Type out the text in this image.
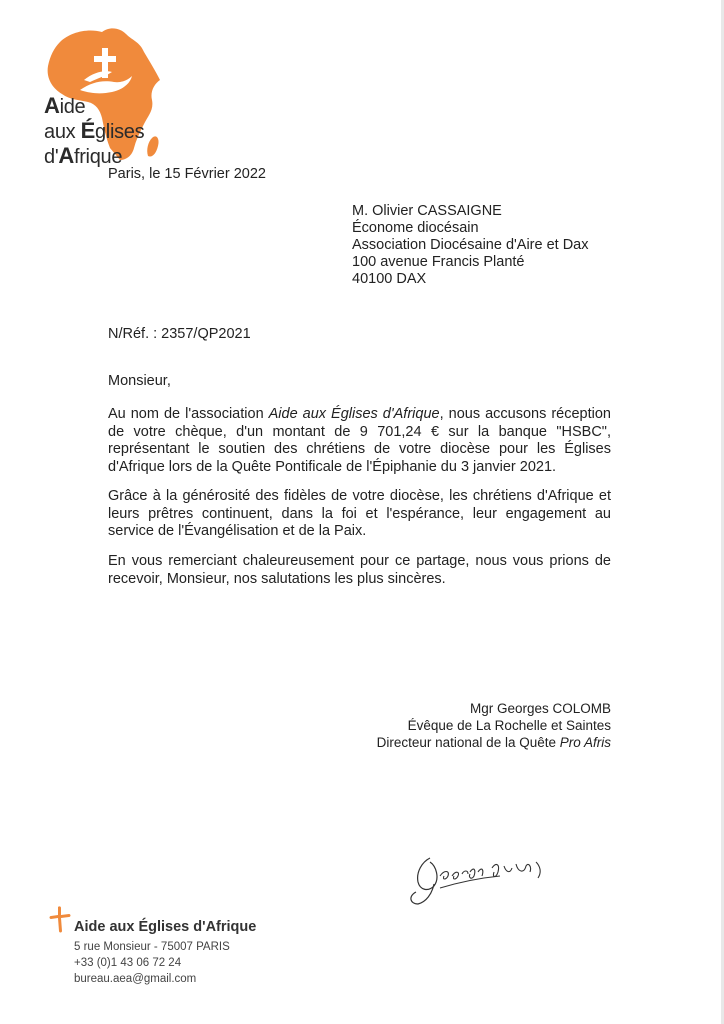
Aide
aux Églises
d'Afrique
Paris, le 15 Février 2022
M. Olivier CASSAIGNE
Économe diocésain
Association Diocésaine d'Aire et Dax
100 avenue Francis Planté
40100 DAX
N/Réf. : 2357/QP2021
Monsieur,
Au nom de l'association Aide aux Églises d'Afrique, nous accusons réception
de votre chèque, d'un montant de 9 701,24 € sur la banque "HSBC",
représentant le soutien des chrétiens de votre diocèse pour les Églises
d'Afrique lors de la Quête Pontificale de l'Épiphanie du 3 janvier 2021.
Grâce à la générosité des fidèles de votre diocèse, les chrétiens d'Afrique et
leurs prêtres continuent, dans la foi et l'espérance, leur engagement au
service de l'Évangélisation et de la Paix.
En vous remerciant chaleureusement pour ce partage, nous vous prions de
recevoir, Monsieur, nos salutations les plus sincères.
Mgr Georges COLOMB
Évêque de La Rochelle et Saintes
Directeur national de la Quête Pro Afris
Aide aux Églises d'Afrique
5 rue Monsieur - 75007 PARIS
+33 (0)1 43 06 72 24
bureau.aea@gmail.com
